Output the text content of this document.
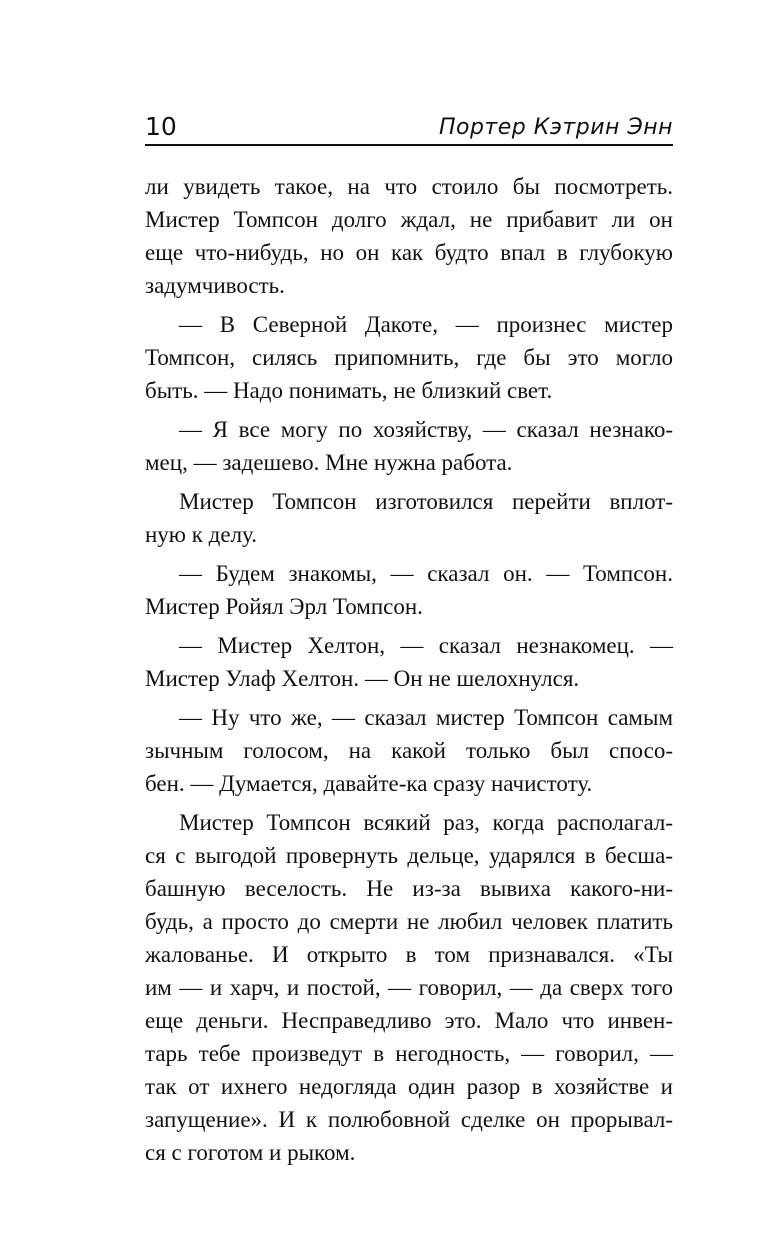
10	Портер Кэтрин Энн
ли увидеть такое, на что стоило бы посмотреть.
Мистер Томпсон долго ждал, не прибавит ли он
еще что-нибудь, но он как будто впал в глубокую
задумчивость.
— В Северной Дакоте, — произнес мистер
Томпсон, силясь припомнить, где бы это могло
быть. — Надо понимать, не близкий свет.
— Я все могу по хозяйству, — сказал незнако-
мец, — задешево. Мне нужна работа.
Мистер Томпсон изготовился перейти вплот-
ную к делу.
— Будем знакомы, — сказал он. — Томпсон.
Мистер Ройял Эрл Томпсон.
— Мистер Хелтон, — сказал незнакомец. —
Мистер Улаф Хелтон. — Он не шелохнулся.
— Ну что же, — сказал мистер Томпсон самым
зычным голосом, на какой только был спосо-
бен. — Думается, давайте-ка сразу начистоту.
Мистер Томпсон всякий раз, когда располагал-
ся с выгодой провернуть дельце, ударялся в бесша-
башную веселость. Не из-за вывиха какого-ни-
будь, а просто до смерти не любил человек платить
жалованье. И открыто в том признавался. «Ты
им — и харч, и постой, — говорил, — да сверх того
еще деньги. Несправедливо это. Мало что инвен-
тарь тебе произведут в негодность, — говорил, —
так от ихнего недогляда один разор в хозяйстве и
запущение». И к полюбовной сделке он прорывал-
ся с гоготом и рыком.
